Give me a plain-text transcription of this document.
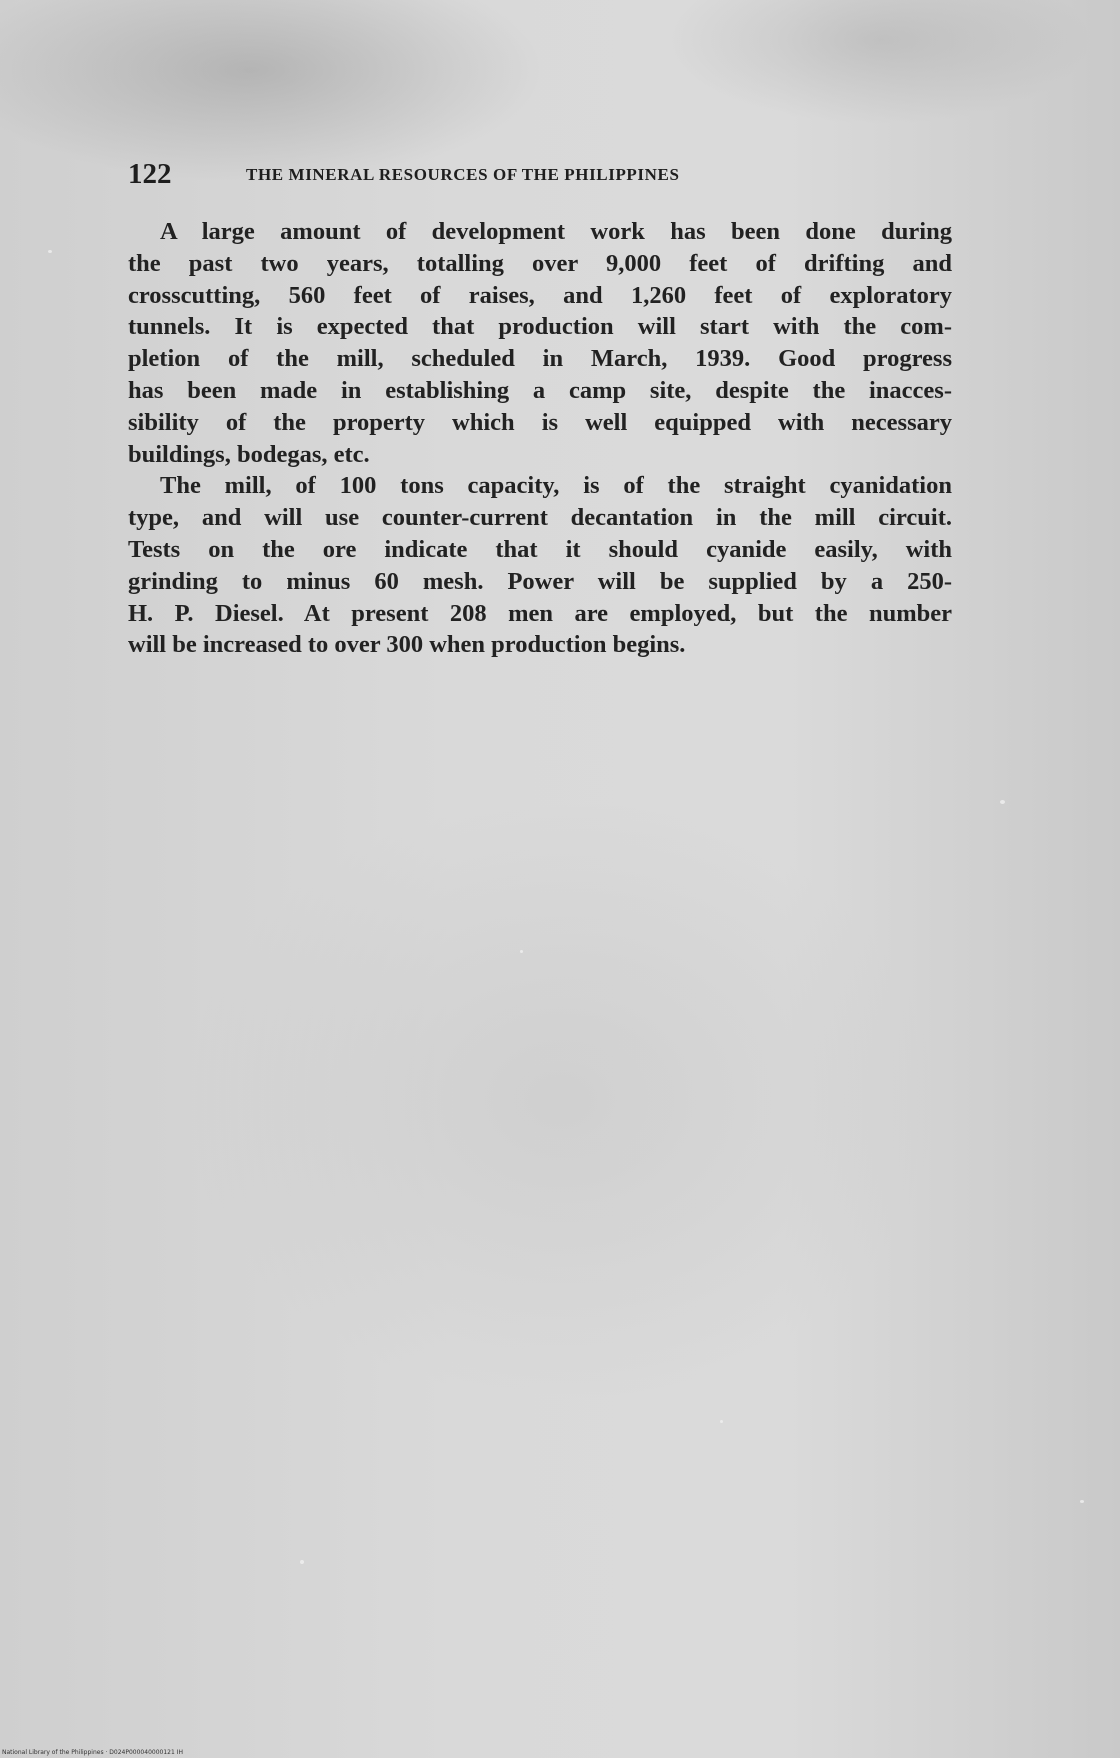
122	THE MINERAL RESOURCES OF THE PHILIPPINES
A large amount of development work has been done during
the past two years, totalling over 9,000 feet of drifting and
crosscutting, 560 feet of raises, and 1,260 feet of exploratory
tunnels. It is expected that production will start with the com-
pletion of the mill, scheduled in March, 1939. Good progress
has been made in establishing a camp site, despite the inacces-
sibility of the property which is well equipped with necessary
buildings, bodegas, etc.
The mill, of 100 tons capacity, is of the straight cyanidation
type, and will use counter-current decantation in the mill circuit.
Tests on the ore indicate that it should cyanide easily, with
grinding to minus 60 mesh. Power will be supplied by a 250-
H. P. Diesel. At present 208 men are employed, but the number
will be increased to over 300 when production begins.
National Library of the Philippines · D024P000040000121 IH
